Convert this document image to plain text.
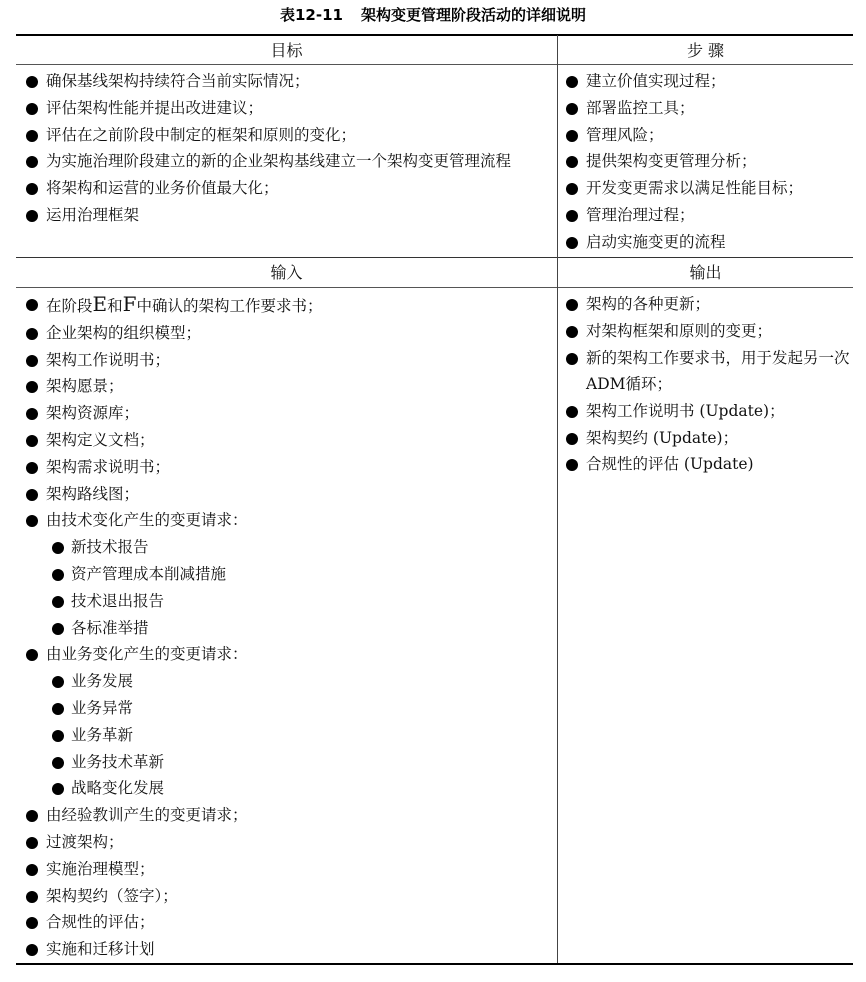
表12-11 架构变更管理阶段活动的详细说明
目标	步 骤
输入	输出
确保基线架构持续符合当前实际情况；
评估架构性能并提出改进建议；
评估在之前阶段中制定的框架和原则的变化；
为实施治理阶段建立的新的企业架构基线建立一个架构变更管理流程
将架构和运营的业务价值最大化；
运用治理框架
建立价值实现过程；
部署监控工具；
管理风险；
提供架构变更管理分析；
开发变更需求以满足性能目标；
管理治理过程；
启动实施变更的流程
在阶段E和F中确认的架构工作要求书；
企业架构的组织模型；
架构工作说明书；
架构愿景；
架构资源库；
架构定义文档；
架构需求说明书；
架构路线图；
由技术变化产生的变更请求：
新技术报告
资产管理成本削减措施
技术退出报告
各标准举措
由业务变化产生的变更请求：
业务发展
业务异常
业务革新
业务技术革新
战略变化发展
由经验教训产生的变更请求；
过渡架构；
实施治理模型；
架构契约（签字）；
合规性的评估；
实施和迁移计划
架构的各种更新；
对架构框架和原则的变更；
新的架构工作要求书，用于发起另一次ADM循环；
架构工作说明书 (Update)；
架构契约 (Update)；
合规性的评估 (Update)
